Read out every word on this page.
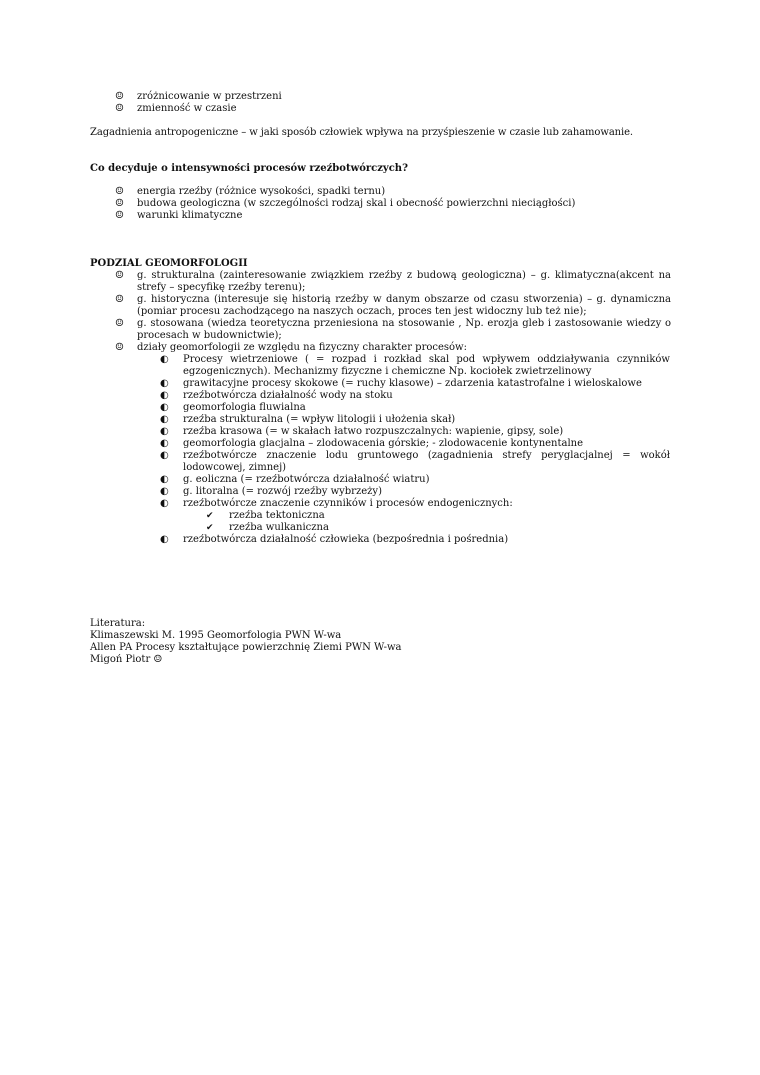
☺	zróżnicowanie w przestrzeni
☺	zmienność w czasie
Zagadnienia antropogeniczne – w jaki sposób człowiek wpływa na przyśpieszenie w czasie lub zahamowanie.
Co decyduje o intensywności procesów rzeźbotwórczych?
☺	energia rzeźby (różnice wysokości, spadki ternu)
☺	budowa geologiczna (w szczególności rodzaj skal i obecność powierzchni nieciągłości)
☺	warunki klimatyczne
PODZIAL GEOMORFOLOGII
☺	g. strukturalna (zainteresowanie związkiem rzeźby z budową geologiczna) – g. klimatyczna(akcent na strefy – specyfikę rzeźby terenu);
☺	g. historyczna (interesuje się historią rzeźby w danym obszarze od czasu stworzenia) – g. dynamiczna (pomiar procesu zachodzącego na naszych oczach, proces ten jest widoczny lub też nie);
☺	g. stosowana (wiedza teoretyczna przeniesiona na stosowanie , Np. erozja gleb i zastosowanie wiedzy o procesach w budownictwie);
☺	działy geomorfologii ze względu na fizyczny charakter procesów:
◐	Procesy wietrzeniowe ( = rozpad i rozkład skal pod wpływem oddziaływania czynników egzogenicznych). Mechanizmy fizyczne i chemiczne Np. kociołek zwietrzelinowy
◐	grawitacyjne procesy skokowe (= ruchy klasowe) – zdarzenia katastrofalne i wieloskalowe
◐	rzeźbotwórcza działalność wody na stoku
◐	geomorfologia fluwialna
◐	rzeźba strukturalna (= wpływ litologii i ułożenia skał)
◐	rzeźba krasowa (= w skałach łatwo rozpuszczalnych: wapienie, gipsy, sole)
◐	geomorfologia glacjalna – zlodowacenia górskie; - zlodowacenie kontynentalne
◐	rzeźbotwórcze znaczenie lodu gruntowego (zagadnienia strefy peryglacjalnej = wokół lodowcowej, zimnej)
◐	g. eoliczna (= rzeźbotwórcza działalność wiatru)
◐	g. litoralna (= rozwój rzeźby wybrzeży)
◐	rzeźbotwórcze znaczenie czynników i procesów endogenicznych:
✔	rzeźba tektoniczna
✔	rzeźba wulkaniczna
◐	rzeźbotwórcza działalność człowieka (bezpośrednia i pośrednia)
Literatura:
Klimaszewski M. 1995 Geomorfologia PWN W-wa
Allen PA Procesy kształtujące powierzchnię Ziemi PWN W-wa
Migoń Piotr ☺
